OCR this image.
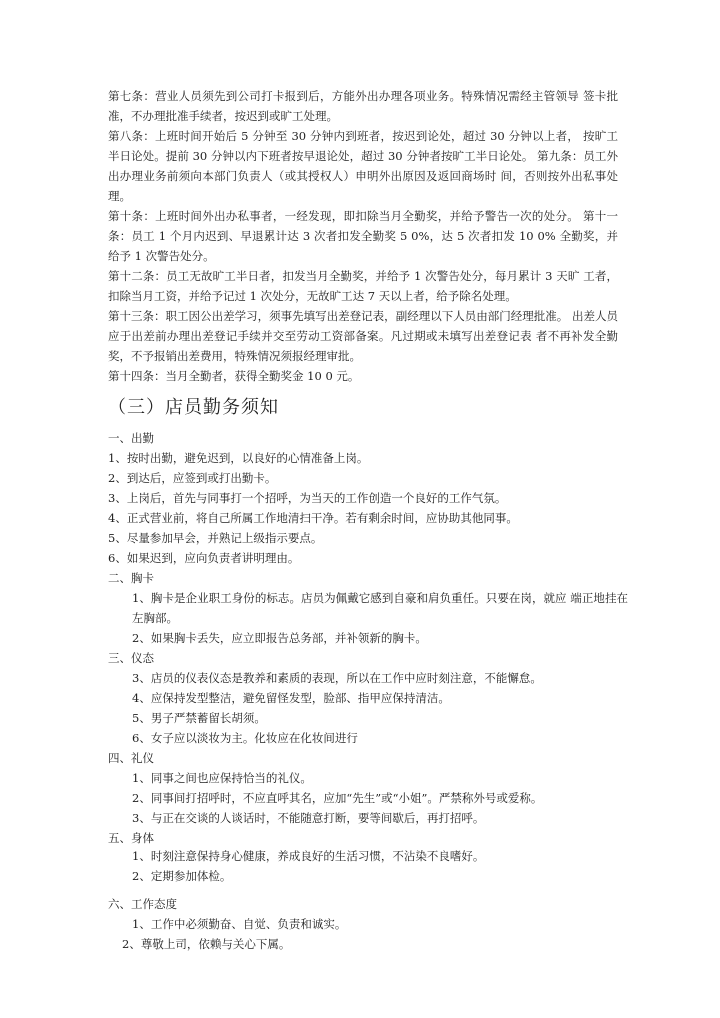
第七条：营业人员须先到公司打卡报到后，方能外出办理各项业务。特殊情况需经主管领导 签卡批准，不办理批准手续者，按迟到或旷工处理。

第八条：上班时间开始后 5 分钟至 30 分钟内到班者，按迟到论处，超过 30 分钟以上者， 按旷工半日论处。提前 30 分钟以内下班者按早退论处，超过 30 分钟者按旷工半日论处。 第九条：员工外出办理业务前须向本部门负责人（或其授权人）申明外出原因及返回商场时 间，否则按外出私事处理。

第十条：上班时间外出办私事者，一经发现，即扣除当月全勤奖，并给予警告一次的处分。 第十一条：员工 1 个月内迟到、早退累计达 3 次者扣发全勤奖 5 0%，达 5 次者扣发 10 0% 全勤奖，并给予 1 次警告处分。

第十二条：员工无故旷工半日者，扣发当月全勤奖，并给予 1 次警告处分，每月累计 3 天旷 工者，扣除当月工资，并给予记过 1 次处分，无故旷工达 7 天以上者，给予除名处理。

第十三条：职工因公出差学习，须事先填写出差登记表，副经理以下人员由部门经理批准。 出差人员应于出差前办理出差登记手续并交至劳动工资部备案。凡过期或未填写出差登记表 者不再补发全勤奖，不予报销出差费用，特殊情况须报经理审批。

第十四条：当月全勤者，获得全勤奖金 10 0 元。

（三）店员勤务须知
一、出勤
1、按时出勤，避免迟到，以良好的心情准备上岗。
2、到达后，应签到或打出勤卡。
3、上岗后，首先与同事打一个招呼，为当天的工作创造一个良好的工作气氛。
4、正式营业前，将自己所属工作地清扫干净。若有剩余时间，应协助其他同事。
5、尽量参加早会，并熟记上级指示要点。
6、如果迟到，应向负责者讲明理由。
二、胸卡
1、胸卡是企业职工身份的标志。店员为佩戴它感到自豪和肩负重任。只要在岗，就应 端正地挂在左胸部。
2、如果胸卡丢失，应立即报告总务部，并补领新的胸卡。
三、仪态
3、店员的仪表仪态是教养和素质的表现，所以在工作中应时刻注意，不能懈怠。
4、应保持发型整洁，避免留怪发型，脸部、指甲应保持清洁。
5、男子严禁蓄留长胡须。
6、女子应以淡妆为主。化妆应在化妆间进行
四、礼仪
1、同事之间也应保持恰当的礼仪。
2、同事间打招呼时，不应直呼其名，应加“先生”或“小姐”。严禁称外号或爱称。
3、与正在交谈的人谈话时，不能随意打断，要等间歇后，再打招呼。
五、身体
1、时刻注意保持身心健康，养成良好的生活习惯，不沾染不良嗜好。
2、定期参加体检。
六、工作态度
1、工作中必须勤奋、自觉、负责和诚实。
2、尊敬上司，依赖与关心下属。
